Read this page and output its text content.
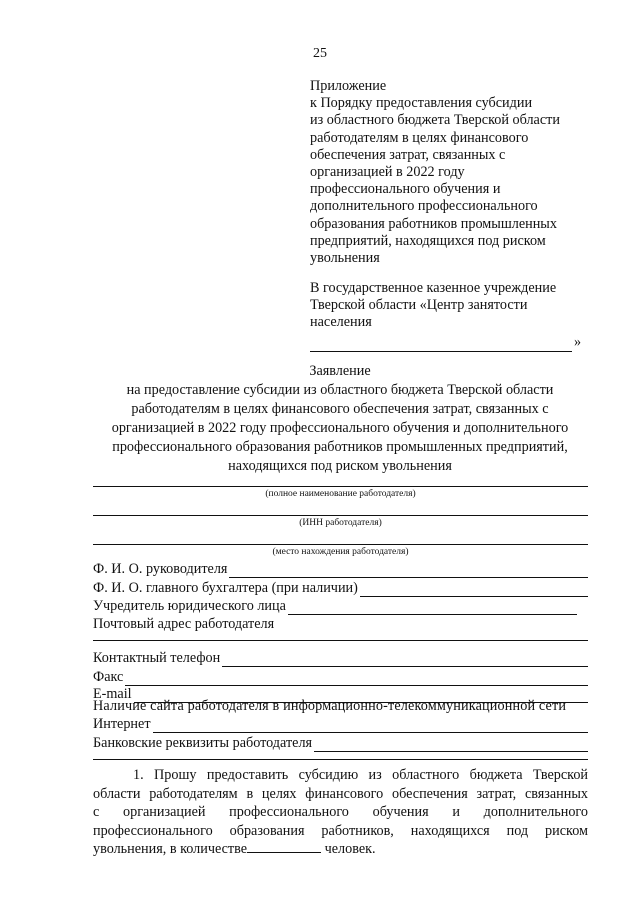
25
Приложение
к Порядку предоставления субсидии
из областного бюджета Тверской области
работодателям в целях финансового
обеспечения затрат, связанных с
организацией в 2022 году
профессионального обучения и
дополнительного профессионального
образования работников промышленных
предприятий, находящихся под риском
увольнения
В государственное казенное учреждение
Тверской области «Центр занятости
населения
»
Заявление
на предоставление субсидии из областного бюджета Тверской области
работодателям в целях финансового обеспечения затрат, связанных с
организацией в 2022 году профессионального обучения и дополнительного
профессионального образования работников промышленных предприятий,
находящихся под риском увольнения
(полное наименование работодателя)
(ИНН работодателя)
(место нахождения работодателя)
Ф. И. О. руководителя
Ф. И. О. главного бухгалтера (при наличии)
Учредитель юридического лица
Почтовый адрес работодателя
Контактный телефон
Факс
E-mail
Наличие сайта работодателя в информационно-телекоммуникационной сети
Интернет
Банковские реквизиты работодателя
1. Прошу предоставить субсидию из областного бюджета Тверской
области работодателям в целях финансового обеспечения затрат, связанных
с организацией профессионального обучения и дополнительного
профессионального образования работников, находящихся под риском
увольнения, в количестве	человек.
